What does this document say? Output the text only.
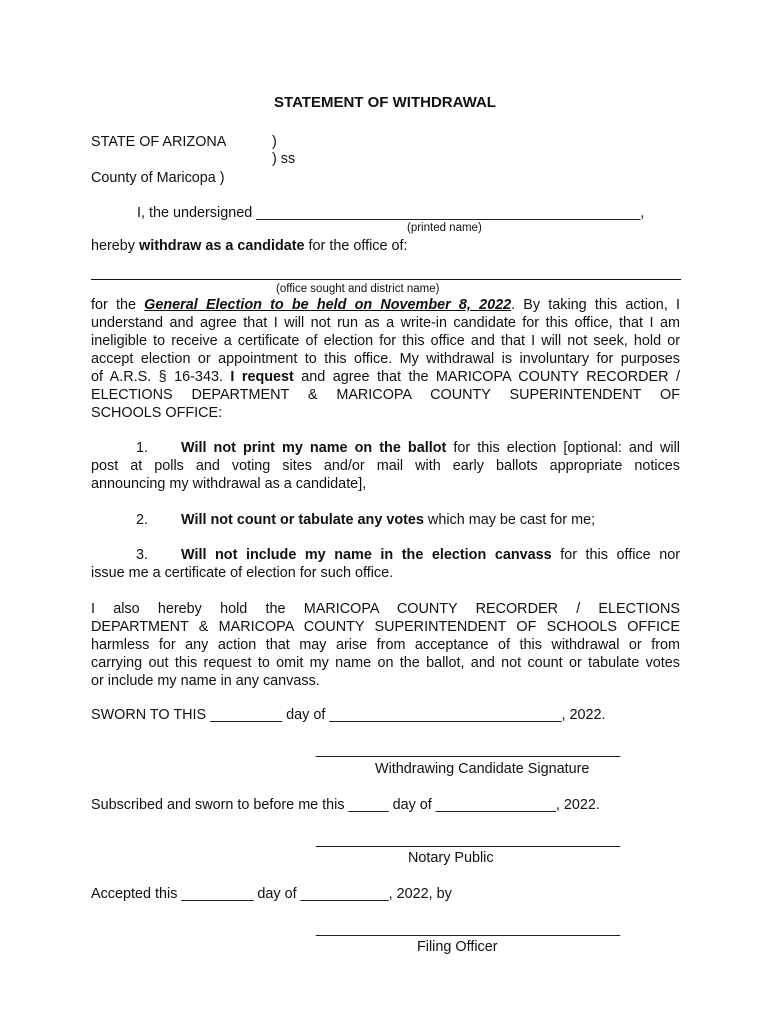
STATEMENT OF WITHDRAWAL
STATE OF ARIZONA	)
) ss
County of Maricopa )
I, the undersigned ________________________________________________,
(printed name)
hereby withdraw as a candidate for the office of:
(office sought and district name)
for the General Election to be held on November 8, 2022. By taking this action, I
understand and agree that I will not run as a write-in candidate for this office, that I am
ineligible to receive a certificate of election for this office and that I will not seek, hold or
accept election or appointment to this office. My withdrawal is involuntary for purposes
of A.R.S. § 16-343. I request and agree that the MARICOPA COUNTY RECORDER /
ELECTIONS DEPARTMENT & MARICOPA COUNTY SUPERINTENDENT OF
SCHOOLS OFFICE:
1. Will not print my name on the ballot for this election [optional: and will
post at polls and voting sites and/or mail with early ballots appropriate notices
announcing my withdrawal as a candidate],
2. Will not count or tabulate any votes which may be cast for me;
3. Will not include my name in the election canvass for this office nor
issue me a certificate of election for such office.
I also hereby hold the MARICOPA COUNTY RECORDER / ELECTIONS
DEPARTMENT & MARICOPA COUNTY SUPERINTENDENT OF SCHOOLS OFFICE
harmless for any action that may arise from acceptance of this withdrawal or from
carrying out this request to omit my name on the ballot, and not count or tabulate votes
or include my name in any canvass.
SWORN TO THIS _________ day of _____________________________, 2022.
______________________________________
Withdrawing Candidate Signature
Subscribed and sworn to before me this _____ day of _______________, 2022.
______________________________________
Notary Public
Accepted this _________ day of ___________, 2022, by
______________________________________
Filing Officer
